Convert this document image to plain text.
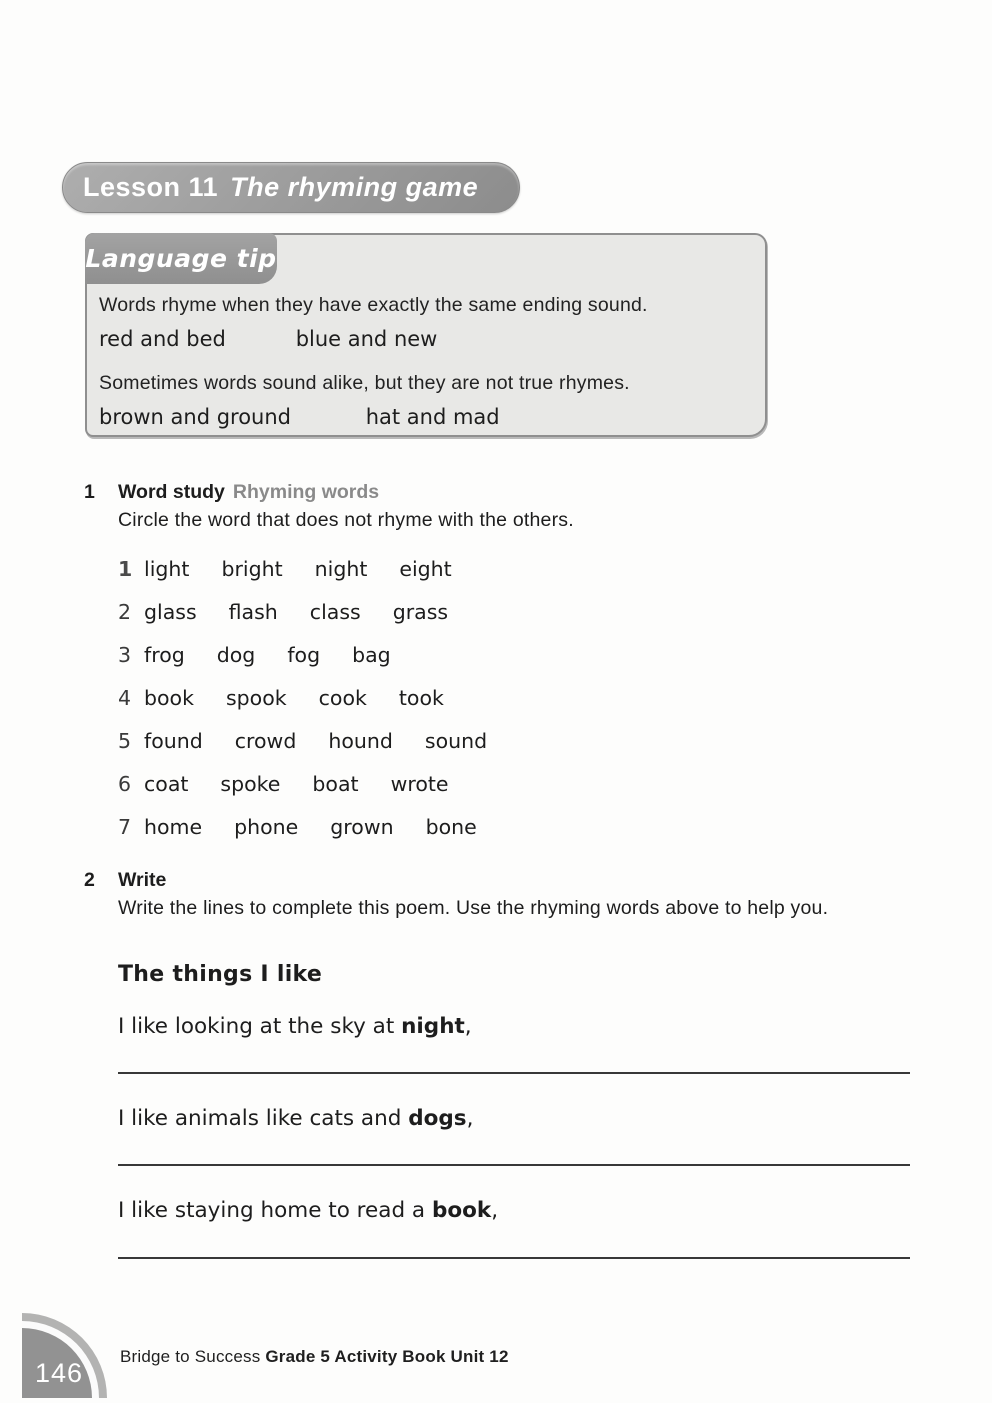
Lesson 11 The rhyming game
Language tip
Words rhyme when they have exactly the same ending sound.
red and bed	blue and new
Sometimes words sound alike, but they are not true rhymes.
brown and ground	hat and mad
1	Word study Rhyming words
Circle the word that does not rhyme with the others.
1 light bright night eight
2 glass flash class grass
3 frog dog fog bag
4 book spook cook took
5 found crowd hound sound
6 coat spoke boat wrote
7 home phone grown bone
2	Write
Write the lines to complete this poem. Use the rhyming words above to help you.
The things I like
I like looking at the sky at night,
I like animals like cats and dogs,
I like staying home to read a book,
146
Bridge to Success Grade 5 Activity Book Unit 12
